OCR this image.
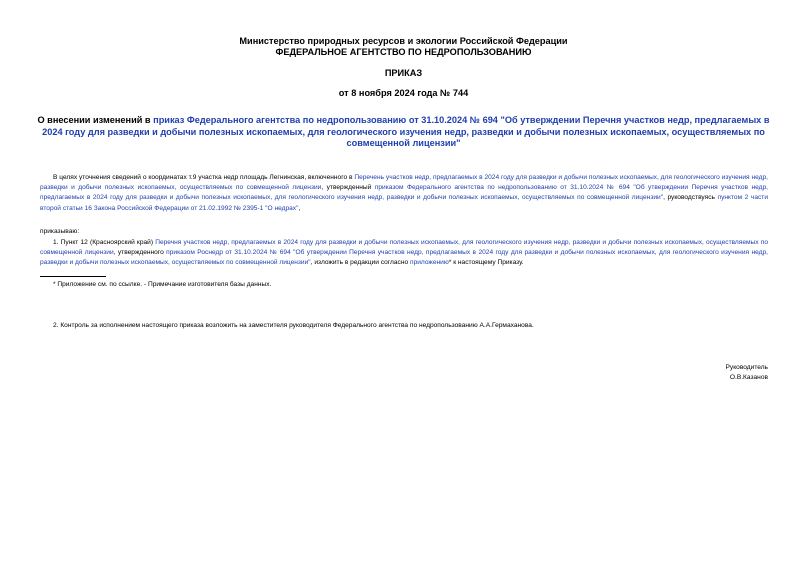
Министерство природных ресурсов и экологии Российской Федерации
ФЕДЕРАЛЬНОЕ АГЕНТСТВО ПО НЕДРОПОЛЬЗОВАНИЮ
ПРИКАЗ
от 8 ноября 2024 года № 744
О внесении изменений в приказ Федерального агентства по недропользованию от 31.10.2024 № 694 "Об утверждении Перечня участков недр, предлагаемых в 2024 году для разведки и добычи полезных ископаемых, для геологического изучения недр, разведки и добычи полезных ископаемых, осуществляемых по совмещенной лицензии"
В целях уточнения сведений о координатах т.9 участка недр площадь Легнинская, включенного в Перечень участков недр, предлагаемых в 2024 году для разведки и добычи полезных ископаемых, для геологического изучения недр, разведки и добычи полезных ископаемых, осуществляемых по совмещенной лицензии, утвержденный приказом Федерального агентства по недропользованию от 31.10.2024 № 694 "Об утверждении Перечня участков недр, предлагаемых в 2024 году для разведки и добычи полезных ископаемых, для геологического изучения недр, разведки и добычи полезных ископаемых, осуществляемых по совмещенной лицензии", руководствуясь пунктом 2 части второй статьи 16 Закона Российской Федерации от 21.02.1992 № 2395-1 "О недрах",
приказываю:
1. Пункт 12 (Красноярский край) Перечня участков недр, предлагаемых в 2024 году для разведки и добычи полезных ископаемых, для геологического изучения недр, разведки и добычи полезных ископаемых, осуществляемых по совмещенной лицензии, утвержденного приказом Роснедр от 31.10.2024 № 694 "Об утверждении Перечня участков недр, предлагаемых в 2024 году для разведки и добычи полезных ископаемых, для геологического изучения недр, разведки и добычи полезных ископаемых, осуществляемых по совмещенной лицензии", изложить в редакции согласно приложению* к настоящему Приказу.
* Приложение см. по ссылке. - Примечание изготовителя базы данных.
2. Контроль за исполнением настоящего приказа возложить на заместителя руководителя Федерального агентства по недропользованию А.А.Гермаханова.
Руководитель
О.В.Казанов
